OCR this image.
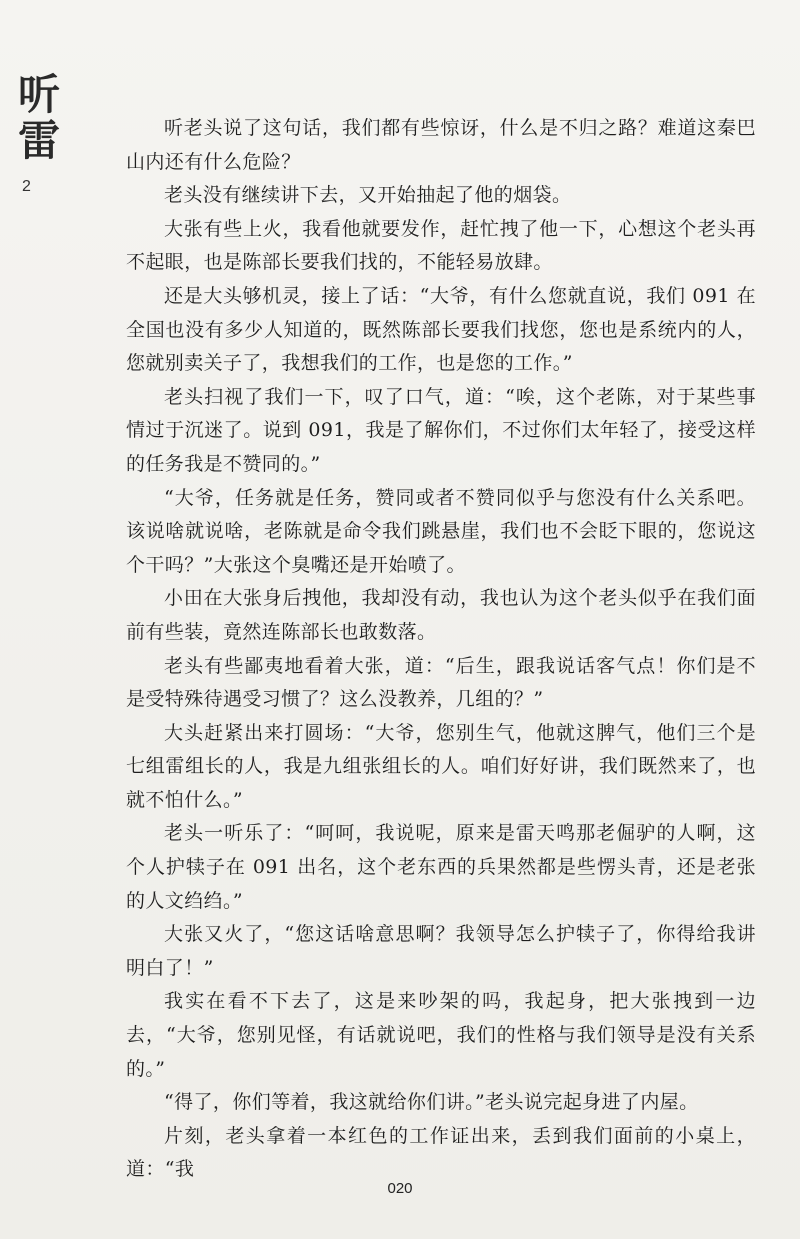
听
雷
2

听老头说了这句话，我们都有些惊讶，什么是不归之路？难道这秦巴山内还有什么危险？

老头没有继续讲下去，又开始抽起了他的烟袋。

大张有些上火，我看他就要发作，赶忙拽了他一下，心想这个老头再不起眼，也是陈部长要我们找的，不能轻易放肆。

还是大头够机灵，接上了话：“大爷，有什么您就直说，我们 091 在全国也没有多少人知道的，既然陈部长要我们找您，您也是系统内的人，您就别卖关子了，我想我们的工作，也是您的工作。”

老头扫视了我们一下，叹了口气，道：“唉，这个老陈，对于某些事情过于沉迷了。说到 091，我是了解你们，不过你们太年轻了，接受这样的任务我是不赞同的。”

“大爷，任务就是任务，赞同或者不赞同似乎与您没有什么关系吧。该说啥就说啥，老陈就是命令我们跳悬崖，我们也不会眨下眼的，您说这个干吗？”大张这个臭嘴还是开始喷了。

小田在大张身后拽他，我却没有动，我也认为这个老头似乎在我们面前有些装，竟然连陈部长也敢数落。

老头有些鄙夷地看着大张，道：“后生，跟我说话客气点！你们是不是受特殊待遇受习惯了？这么没教养，几组的？”

大头赶紧出来打圆场：“大爷，您别生气，他就这脾气，他们三个是七组雷组长的人，我是九组张组长的人。咱们好好讲，我们既然来了，也就不怕什么。”

老头一听乐了：“呵呵，我说呢，原来是雷天鸣那老倔驴的人啊，这个人护犊子在 091 出名，这个老东西的兵果然都是些愣头青，还是老张的人文绉绉。”

大张又火了，“您这话啥意思啊？我领导怎么护犊子了，你得给我讲明白了！”

我实在看不下去了，这是来吵架的吗，我起身，把大张拽到一边去，“大爷，您别见怪，有话就说吧，我们的性格与我们领导是没有关系的。”

“得了，你们等着，我这就给你们讲。”老头说完起身进了内屋。

片刻，老头拿着一本红色的工作证出来，丢到我们面前的小桌上，道：“我

020
